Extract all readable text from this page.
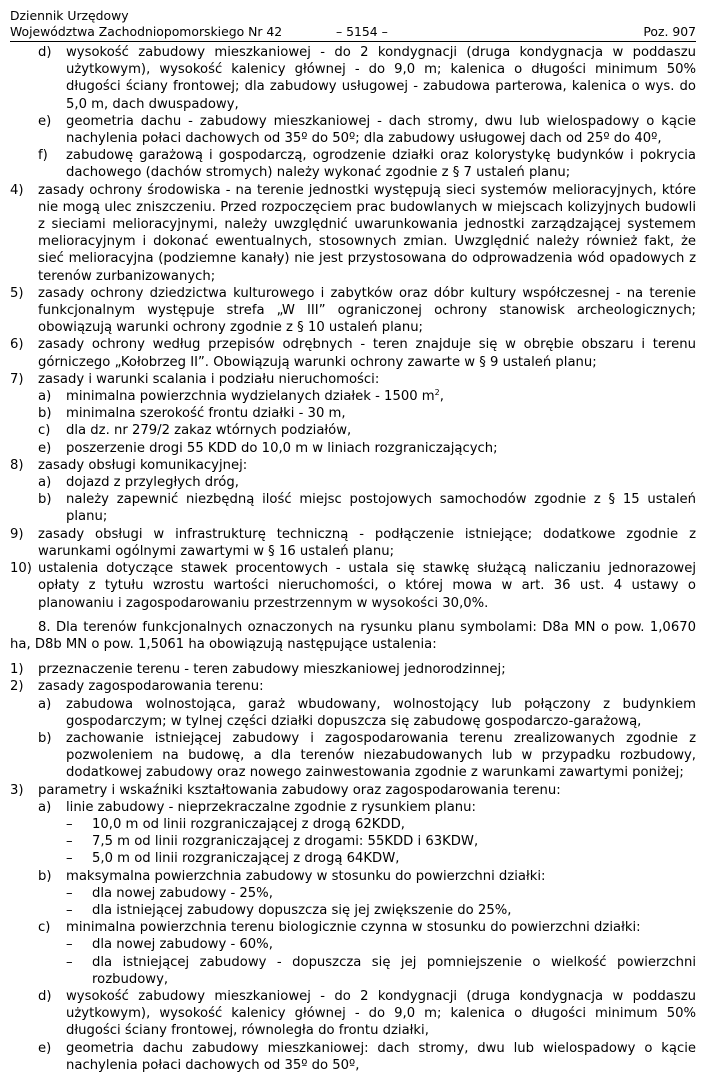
Dziennik Urzędowy
Województwa Zachodniopomorskiego Nr 42	– 5154 –	Poz. 907
d) wysokość zabudowy mieszkaniowej - do 2 kondygnacji (druga kondygnacja w poddaszu użytkowym), wysokość kalenicy głównej - do 9,0 m; kalenica o długości minimum 50% długości ściany frontowej; dla zabudowy usługowej - zabudowa parterowa, kalenica o wys. do 5,0 m, dach dwuspadowy,
e) geometria dachu - zabudowy mieszkaniowej - dach stromy, dwu lub wielospadowy o kącie nachylenia połaci dachowych od 35º do 50º; dla zabudowy usługowej dach od 25º do 40º,
f) zabudowę garażową i gospodarczą, ogrodzenie działki oraz kolorystykę budynków i pokrycia dachowego (dachów stromych) należy wykonać zgodnie z § 7 ustaleń planu;
4) zasady ochrony środowiska - na terenie jednostki występują sieci systemów melioracyjnych, które nie mogą ulec zniszczeniu. Przed rozpoczęciem prac budowlanych w miejscach kolizyjnych budowli z sieciami melioracyjnymi, należy uwzględnić uwarunkowania jednostki zarządzającej systemem melioracyjnym i dokonać ewentualnych, stosownych zmian. Uwzględnić należy również fakt, że sieć melioracyjna (podziemne kanały) nie jest przystosowana do odprowadzenia wód opadowych z terenów zurbanizowanych;
5) zasady ochrony dziedzictwa kulturowego i zabytków oraz dóbr kultury współczesnej - na terenie funkcjonalnym występuje strefa „W III” ograniczonej ochrony stanowisk archeologicznych; obowiązują warunki ochrony zgodnie z § 10 ustaleń planu;
6) zasady ochrony według przepisów odrębnych - teren znajduje się w obrębie obszaru i terenu górniczego „Kołobrzeg II”. Obowiązują warunki ochrony zawarte w § 9 ustaleń planu;
7) zasady i warunki scalania i podziału nieruchomości:
a) minimalna powierzchnia wydzielanych działek - 1500 $m^2$,
b) minimalna szerokość frontu działki - 30 m,
c) dla dz. nr 279/2 zakaz wtórnych podziałów,
e) poszerzenie drogi 55 KDD do 10,0 m w liniach rozgraniczających;
8) zasady obsługi komunikacyjnej:
a) dojazd z przyległych dróg,
b) należy zapewnić niezbędną ilość miejsc postojowych samochodów zgodnie z § 15 ustaleń planu;
9) zasady obsługi w infrastrukturę techniczną - podłączenie istniejące; dodatkowe zgodnie z warunkami ogólnymi zawartymi w § 16 ustaleń planu;
10) ustalenia dotyczące stawek procentowych - ustala się stawkę służącą naliczaniu jednorazowej opłaty z tytułu wzrostu wartości nieruchomości, o której mowa w art. 36 ust. 4 ustawy o planowaniu i zagospodarowaniu przestrzennym w wysokości 30,0%.
8. Dla terenów funkcjonalnych oznaczonych na rysunku planu symbolami: D8a MN o pow. 1,0670 ha, D8b MN o pow. 1,5061 ha obowiązują następujące ustalenia:
1) przeznaczenie terenu - teren zabudowy mieszkaniowej jednorodzinnej;
2) zasady zagospodarowania terenu:
a) zabudowa wolnostojąca, garaż wbudowany, wolnostojący lub połączony z budynkiem gospodarczym; w tylnej części działki dopuszcza się zabudowę gospodarczo-garażową,
b) zachowanie istniejącej zabudowy i zagospodarowania terenu zrealizowanych zgodnie z pozwoleniem na budowę, a dla terenów niezabudowanych lub w przypadku rozbudowy, dodatkowej zabudowy oraz nowego zainwestowania zgodnie z warunkami zawartymi poniżej;
3) parametry i wskaźniki kształtowania zabudowy oraz zagospodarowania terenu:
a) linie zabudowy - nieprzekraczalne zgodnie z rysunkiem planu:
– 10,0 m od linii rozgraniczającej z drogą 62KDD,
– 7,5 m od linii rozgraniczającej z drogami: 55KDD i 63KDW,
– 5,0 m od linii rozgraniczającej z drogą 64KDW,
b) maksymalna powierzchnia zabudowy w stosunku do powierzchni działki:
– dla nowej zabudowy - 25%,
– dla istniejącej zabudowy dopuszcza się jej zwiększenie do 25%,
c) minimalna powierzchnia terenu biologicznie czynna w stosunku do powierzchni działki:
– dla nowej zabudowy - 60%,
– dla istniejącej zabudowy - dopuszcza się jej pomniejszenie o wielkość powierzchni rozbudowy,
d) wysokość zabudowy mieszkaniowej - do 2 kondygnacji (druga kondygnacja w poddaszu użytkowym), wysokość kalenicy głównej - do 9,0 m; kalenica o długości minimum 50% długości ściany frontowej, równoległa do frontu działki,
e) geometria dachu zabudowy mieszkaniowej: dach stromy, dwu lub wielospadowy o kącie nachylenia połaci dachowych od 35º do 50º,
